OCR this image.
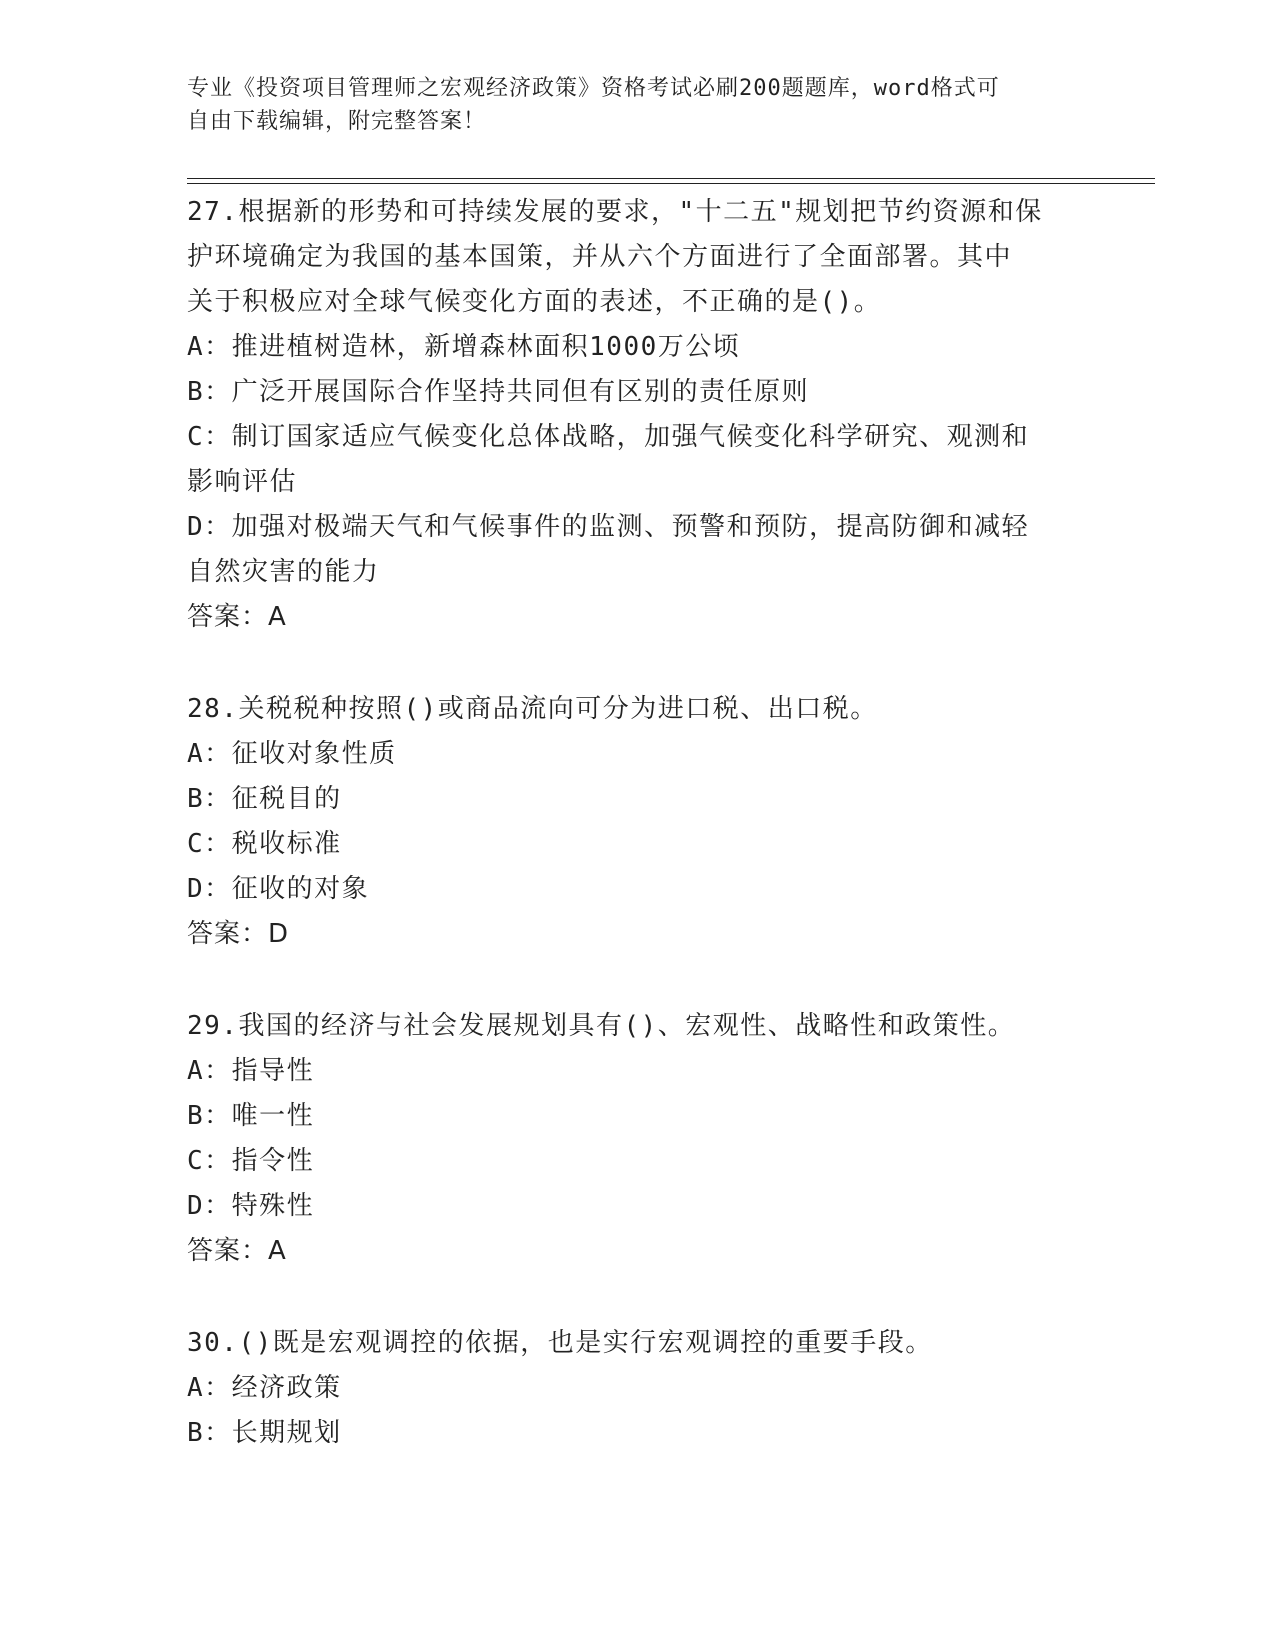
专业《投资项目管理师之宏观经济政策》资格考试必刷200题题库，word格式可
自由下载编辑，附完整答案！
27.根据新的形势和可持续发展的要求，"十二五"规划把节约资源和保
护环境确定为我国的基本国策，并从六个方面进行了全面部署。其中
关于积极应对全球气候变化方面的表述，不正确的是()。
A：推进植树造林，新增森林面积1000万公顷
B：广泛开展国际合作坚持共同但有区别的责任原则
C：制订国家适应气候变化总体战略，加强气候变化科学研究、观测和
影响评估
D：加强对极端天气和气候事件的监测、预警和预防，提高防御和减轻
自然灾害的能力
答案：A
28.关税税种按照()或商品流向可分为进口税、出口税。
A：征收对象性质
B：征税目的
C：税收标准
D：征收的对象
答案：D
29.我国的经济与社会发展规划具有()、宏观性、战略性和政策性。
A：指导性
B：唯一性
C：指令性
D：特殊性
答案：A
30.()既是宏观调控的依据，也是实行宏观调控的重要手段。
A：经济政策
B：长期规划
